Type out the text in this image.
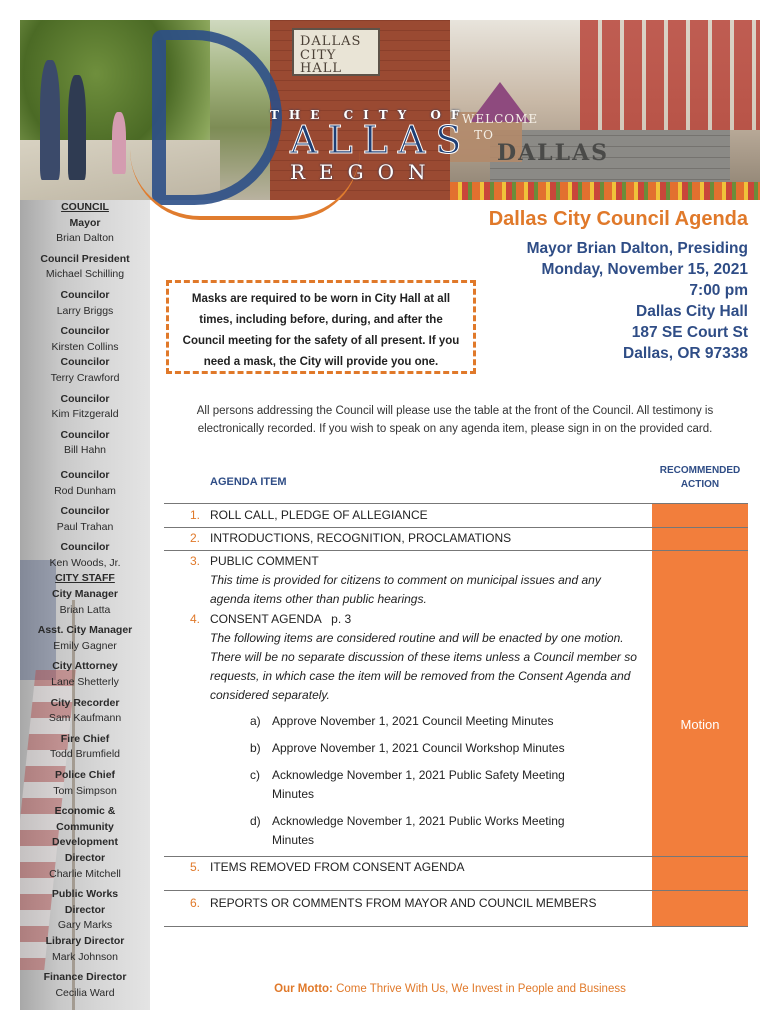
DALLAS CITY HALL
WELCOME TO
DALLAS
THE CITY OF
ALLAS
REGON
COUNCIL
Mayor
Brian Dalton
Council President
Michael Schilling
Councilor
Larry Briggs
Councilor
Kirsten Collins
Councilor
Terry Crawford
Councilor
Kim Fitzgerald
Councilor
Bill Hahn
Councilor
Rod Dunham
Councilor
Paul Trahan
Councilor
Ken Woods, Jr.
CITY STAFF
City Manager
Brian Latta
Asst. City Manager
Emily Gagner
City Attorney
Lane Shetterly
City Recorder
Sam Kaufmann
Fire Chief
Todd Brumfield
Police Chief
Tom Simpson
Economic & Community Development Director
Charlie Mitchell
Public Works Director
Gary Marks
Library Director
Mark Johnson
Finance Director
Cecilia Ward
Dallas City Council Agenda
Mayor Brian Dalton, Presiding
Monday, November 15, 2021
7:00 pm
Dallas City Hall
187 SE Court St
Dallas, OR 97338
Masks are required to be worn in City Hall at all times, including before, during, and after the Council meeting for the safety of all present. If you need a mask, the City will provide you one.
All persons addressing the Council will please use the table at the front of the Council. All testimony is electronically recorded. If you wish to speak on any agenda item, please sign in on the provided card.
AGENDA ITEM
RECOMMENDED ACTION
Motion
1. ROLL CALL, PLEDGE OF ALLEGIANCE
2. INTRODUCTIONS, RECOGNITION, PROCLAMATIONS
3. PUBLIC COMMENT
This time is provided for citizens to comment on municipal issues and any agenda items other than public hearings.
4. CONSENT AGENDA   p. 3
The following items are considered routine and will be enacted by one motion. There will be no separate discussion of these items unless a Council member so requests, in which case the item will be removed from the Consent Agenda and considered separately.
a) Approve November 1, 2021 Council Meeting Minutes
b) Approve November 1, 2021 Council Workshop Minutes
c) Acknowledge November 1, 2021 Public Safety Meeting
Minutes
d) Acknowledge November 1, 2021 Public Works Meeting
Minutes
5. ITEMS REMOVED FROM CONSENT AGENDA
6. REPORTS OR COMMENTS FROM MAYOR AND COUNCIL MEMBERS
Our Motto: Come Thrive With Us, We Invest in People and Business
